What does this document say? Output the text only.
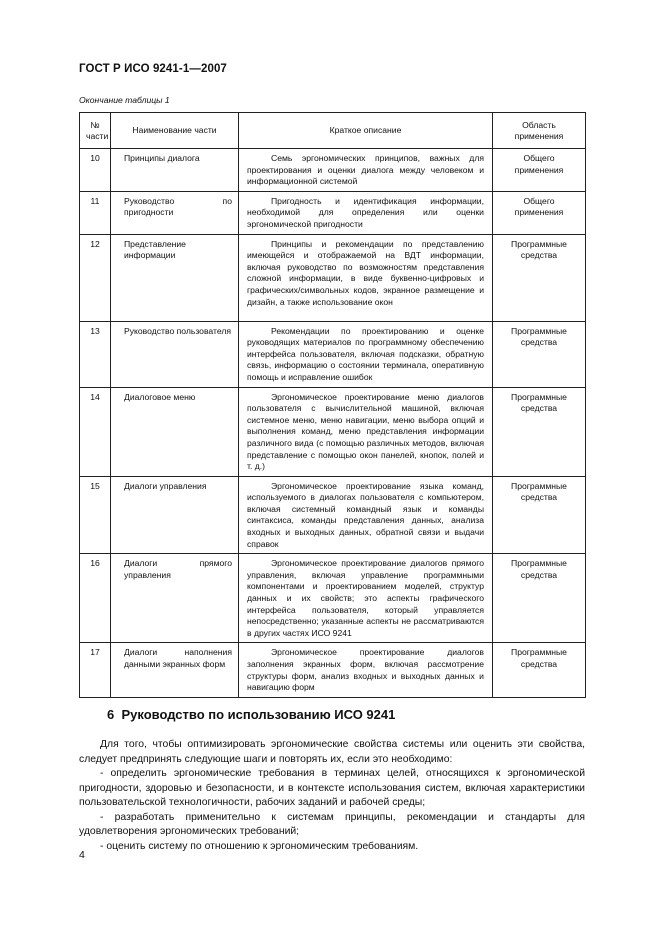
ГОСТ Р ИСО 9241-1—2007
Окончание таблицы 1
№ части	Наименование части	Краткое описание	Область применения

10	Принципы диалога	Семь эргономических принципов, важных для проектирования и оценки диалога между человеком и информационной системой	Общего применения

11	Руководство по пригодности	Пригодность и идентификация информации, необходимой для определения или оценки эргономической пригодности	Общего применения

12	Представление информации	Принципы и рекомендации по представлению имеющейся и отображаемой на ВДТ информации, включая руководство по возможностям представления сложной информации, в виде буквенно-цифровых и графических/символьных кодов, экранное размещение и дизайн, а также использование окон	Программные средства

13	Руководство пользователя	Рекомендации по проектированию и оценке руководящих материалов по программному обеспечению интерфейса пользователя, включая подсказки, обратную связь, информацию о состоянии терминала, оперативную помощь и исправление ошибок	Программные средства

14	Диалоговое меню	Эргономическое проектирование меню диалогов пользователя с вычислительной машиной, включая системное меню, меню навигации, меню выбора опций и выполнения команд, меню представления информации различного вида (с помощью различных методов, включая представление с помощью окон панелей, кнопок, полей и т. д.)	Программные средства

15	Диалоги управления	Эргономическое проектирование языка команд, используемого в диалогах пользователя с компьютером, включая системный командный язык и команды синтаксиса, команды представления данных, анализа входных и выходных данных, обратной связи и выдачи справок	Программные средства

16	Диалоги прямого управления	Эргономическое проектирование диалогов прямого управления, включая управление программными компонентами и проектированием моделей, структур данных и их свойств; это аспекты графического интерфейса пользователя, который управляется непосредственно; указанные аспекты не рассматриваются в других частях ИСО 9241	Программные средства

17	Диалоги наполнения данными экранных форм	Эргономическое проектирование диалогов заполнения экранных форм, включая рассмотрение структуры форм, анализ входных и выходных данных и навигацию форм	Программные средства
6  Руководство по использованию ИСО 9241

Для того, чтобы оптимизировать эргономические свойства системы или оценить эти свойства, следует предпринять следующие шаги и повторять их, если это необходимо:

- определить эргономические требования в терминах целей, относящихся к эргономической пригодности, здоровью и безопасности, и в контексте использования систем, включая характеристики пользовательской технологичности, рабочих заданий и рабочей среды;

- разработать применительно к системам принципы, рекомендации и стандарты для удовлетворения эргономических требований;

- оценить систему по отношению к эргономическим требованиям.

4
